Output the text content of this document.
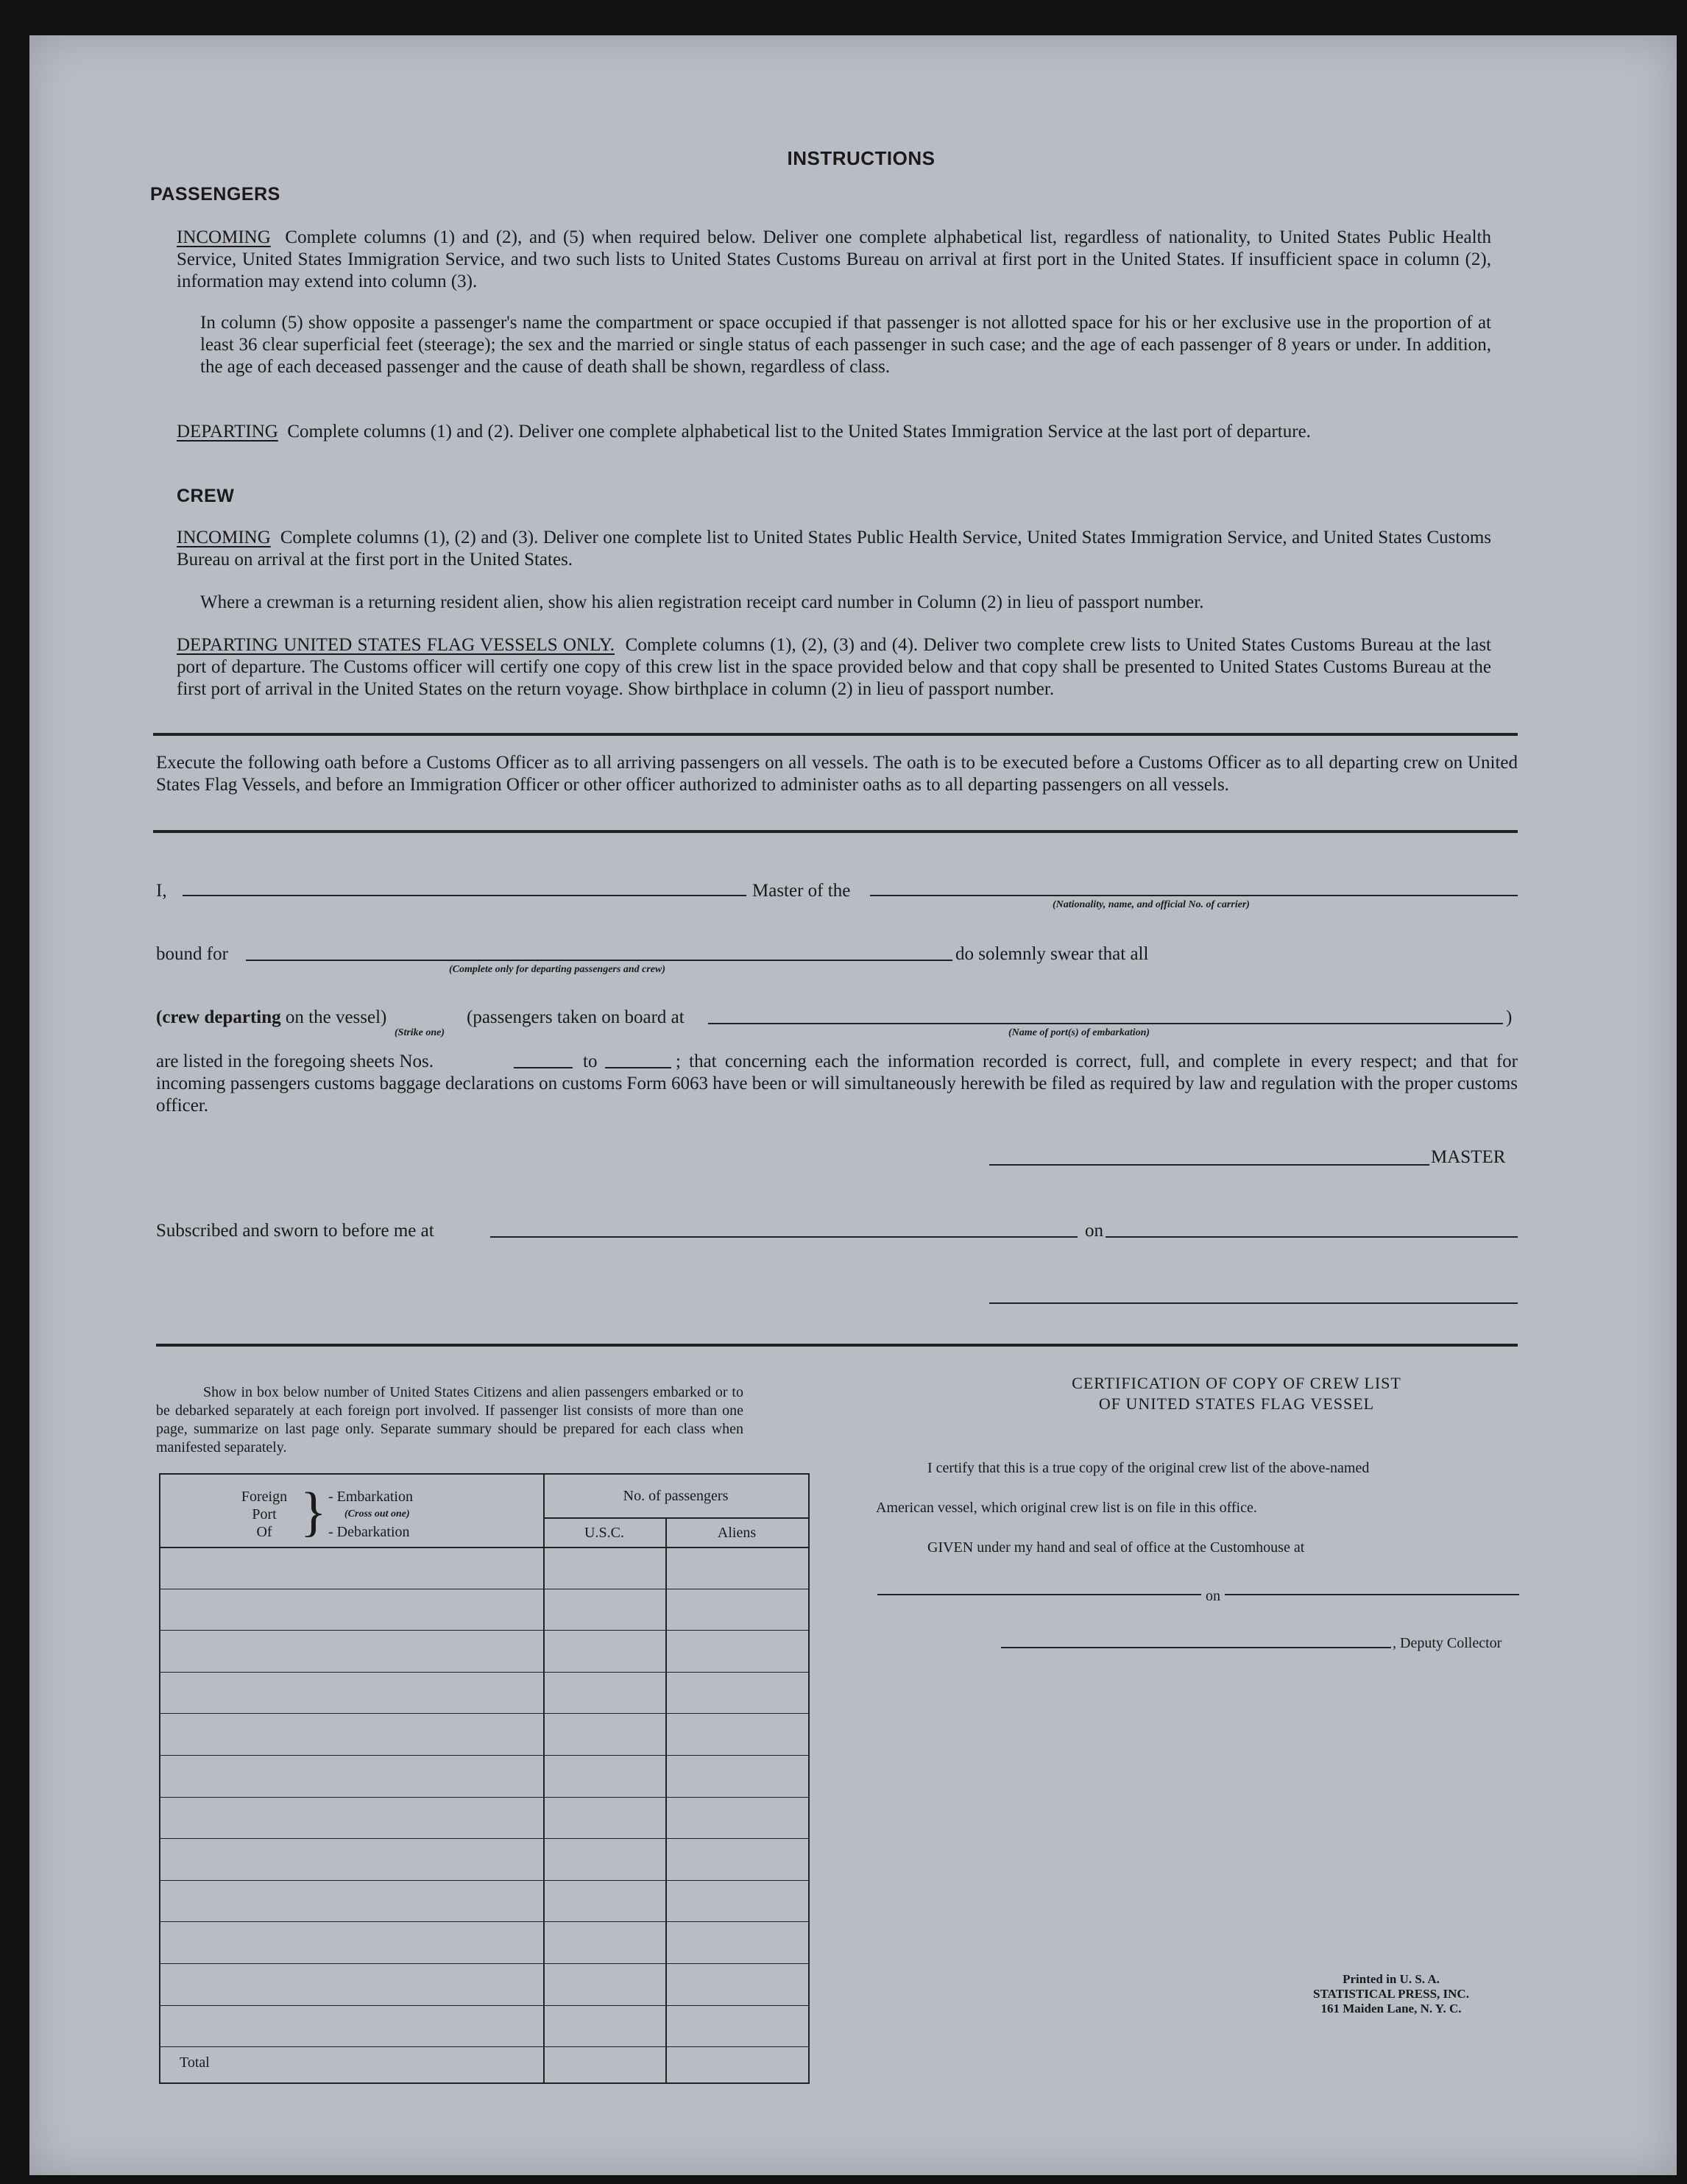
INSTRUCTIONS
PASSENGERS
INCOMING Complete columns (1) and (2), and (5) when required below. Deliver one complete alphabetical list, regardless of nationality, to United States Public Health Service, United States Immigration Service, and two such lists to United States Customs Bureau on arrival at first port in the United States. If insufficient space in column (2), information may extend into column (3).
In column (5) show opposite a passenger's name the compartment or space occupied if that passenger is not allotted space for his or her exclusive use in the proportion of at least 36 clear superficial feet (steerage); the sex and the married or single status of each passenger in such case; and the age of each passenger of 8 years or under. In addition, the age of each deceased passenger and the cause of death shall be shown, regardless of class.
DEPARTING Complete columns (1) and (2). Deliver one complete alphabetical list to the United States Immigration Service at the last port of departure.
CREW
INCOMING Complete columns (1), (2) and (3). Deliver one complete list to United States Public Health Service, United States Immigration Service, and United States Customs Bureau on arrival at the first port in the United States.
Where a crewman is a returning resident alien, show his alien registration receipt card number in Column (2) in lieu of passport number.
DEPARTING UNITED STATES FLAG VESSELS ONLY. Complete columns (1), (2), (3) and (4). Deliver two complete crew lists to United States Customs Bureau at the last port of departure. The Customs officer will certify one copy of this crew list in the space provided below and that copy shall be presented to United States Customs Bureau at the first port of arrival in the United States on the return voyage. Show birthplace in column (2) in lieu of passport number.
Execute the following oath before a Customs Officer as to all arriving passengers on all vessels. The oath is to be executed before a Customs Officer as to all departing crew on United States Flag Vessels, and before an Immigration Officer or other officer authorized to administer oaths as to all departing passengers on all vessels.
I,	Master of the
(Nationality, name, and official No. of carrier)
bound for
(Complete only for departing passengers and crew)
do solemnly swear that all
(crew departing on the vessel)	(passengers taken on board at	)
(Strike one)	(Name of port(s) of embarkation)
are listed in the foregoing sheets Nos.	to	; that concerning each the information recorded is correct, full, and complete in every respect; and that for incoming passengers customs baggage declarations on customs Form 6063 have been or will simultaneously herewith be filed as required by law and regulation with the proper customs officer.
MASTER
Subscribed and sworn to before me at	on
Show in box below number of United States Citizens and alien passengers embarked or to be debarked separately at each foreign port involved. If passenger list consists of more than one page, summarize on last page only. Separate summary should be prepared for each class when manifested separately.
Foreign
Port
Of } - Embarkation
(Cross out one)
- Debarkation
No. of passengers
U.S.C.	Aliens
Total
CERTIFICATION OF COPY OF CREW LIST
OF UNITED STATES FLAG VESSEL
I certify that this is a true copy of the original crew list of the above-named
American vessel, which original crew list is on file in this office.
GIVEN under my hand and seal of office at the Customhouse at
on
, Deputy Collector
Printed in U. S. A.
STATISTICAL PRESS, INC.
161 Maiden Lane, N. Y. C.
